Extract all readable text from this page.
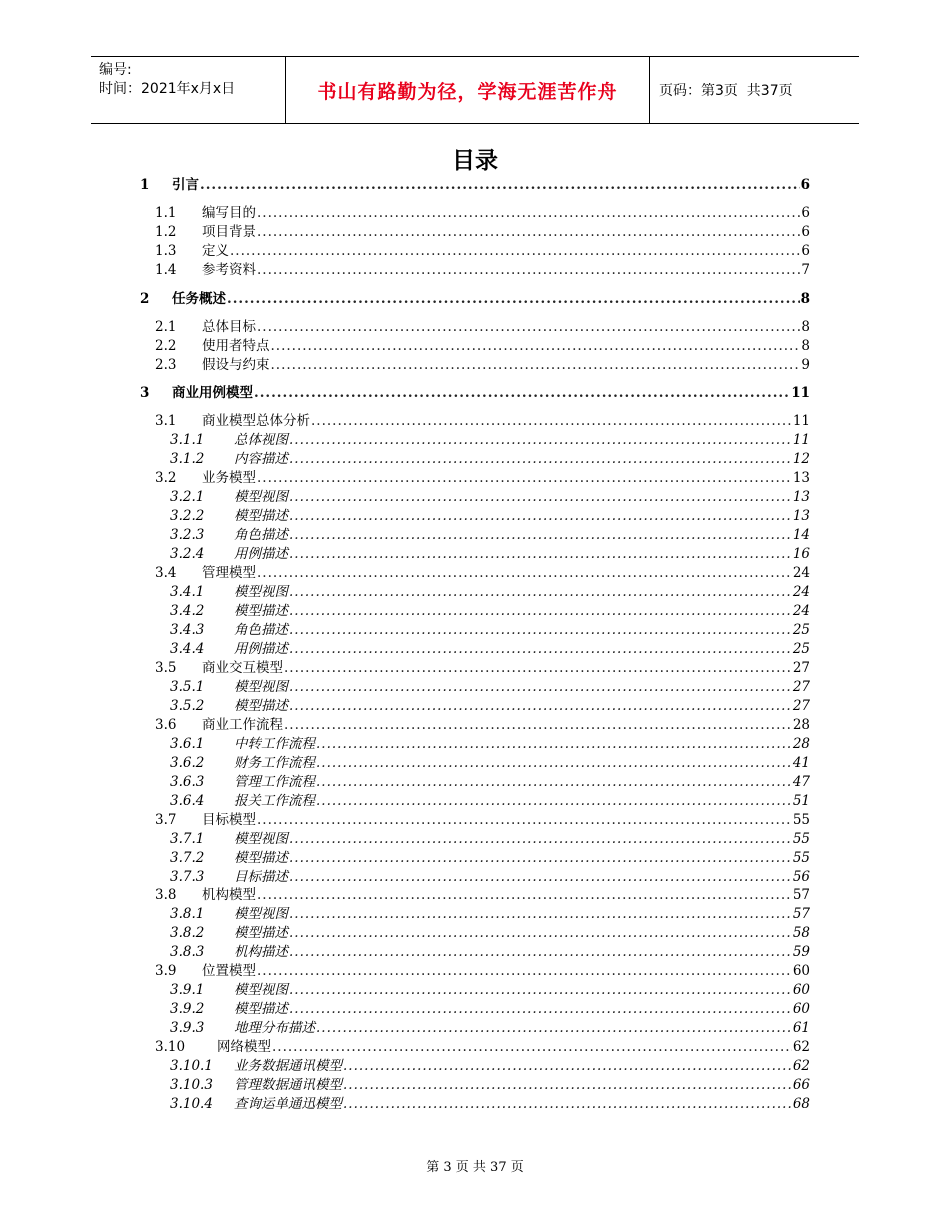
编号:
时间：2021年x月x日	书山有路勤为径，学海无涯苦作舟	页码：第3页  共37页
目录
1	引言 .....	6
1.1	编写目的 .....	6
1.2	项目背景 .....	6
1.3	定义 .....	6
1.4	参考资料 .....	7
2	任务概述 .....	8
2.1	总体目标 .....	8
2.2	使用者特点 .....	8
2.3	假设与约束 .....	9
3	商业用例模型 .....	11
3.1	商业模型总体分析 .....	11
3.1.1	总体视图 .....	11
3.1.2	内容描述 .....	12
3.2	业务模型 .....	13
3.2.1	模型视图 .....	13
3.2.2	模型描述 .....	13
3.2.3	角色描述 .....	14
3.2.4	用例描述 .....	16
3.4	管理模型 .....	24
3.4.1	模型视图 .....	24
3.4.2	模型描述 .....	24
3.4.3	角色描述 .....	25
3.4.4	用例描述 .....	25
3.5	商业交互模型 .....	27
3.5.1	模型视图 .....	27
3.5.2	模型描述 .....	27
3.6	商业工作流程 .....	28
3.6.1	中转工作流程 .....	28
3.6.2	财务工作流程 .....	41
3.6.3	管理工作流程 .....	47
3.6.4	报关工作流程 .....	51
3.7	目标模型 .....	55
3.7.1	模型视图 .....	55
3.7.2	模型描述 .....	55
3.7.3	目标描述 .....	56
3.8	机构模型 .....	57
3.8.1	模型视图 .....	57
3.8.2	模型描述 .....	58
3.8.3	机构描述 .....	59
3.9	位置模型 .....	60
3.9.1	模型视图 .....	60
3.9.2	模型描述 .....	60
3.9.3	地理分布描述 .....	61
3.10	网络模型 .....	62
3.10.1	业务数据通讯模型 .....	62
3.10.3	管理数据通讯模型 .....	66
3.10.4	查询运单通迅模型 .....	68
第 3 页 共 37 页
